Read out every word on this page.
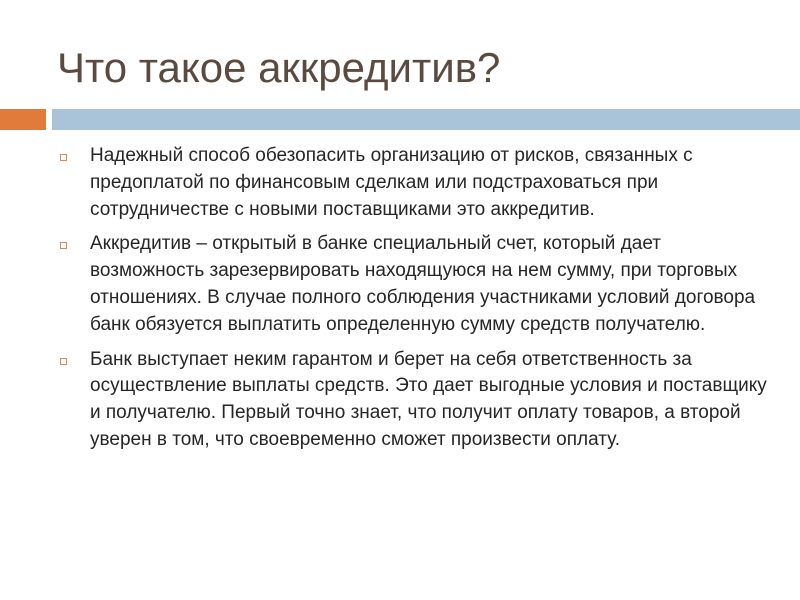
Что такое аккредитив?
Надежный способ обезопасить организацию от рисков, связанных с предоплатой по финансовым сделкам или подстраховаться при сотрудничестве с новыми поставщиками это аккредитив.
Аккредитив – открытый в банке специальный счет, который дает возможность зарезервировать находящуюся на нем сумму, при торговых отношениях. В случае полного соблюдения участниками условий договора банк обязуется выплатить определенную сумму средств получателю.
Банк выступает неким гарантом и берет на себя ответственность за осуществление выплаты средств. Это дает выгодные условия и поставщику и получателю. Первый точно знает, что получит оплату товаров, а второй уверен в том, что своевременно сможет произвести оплату.
